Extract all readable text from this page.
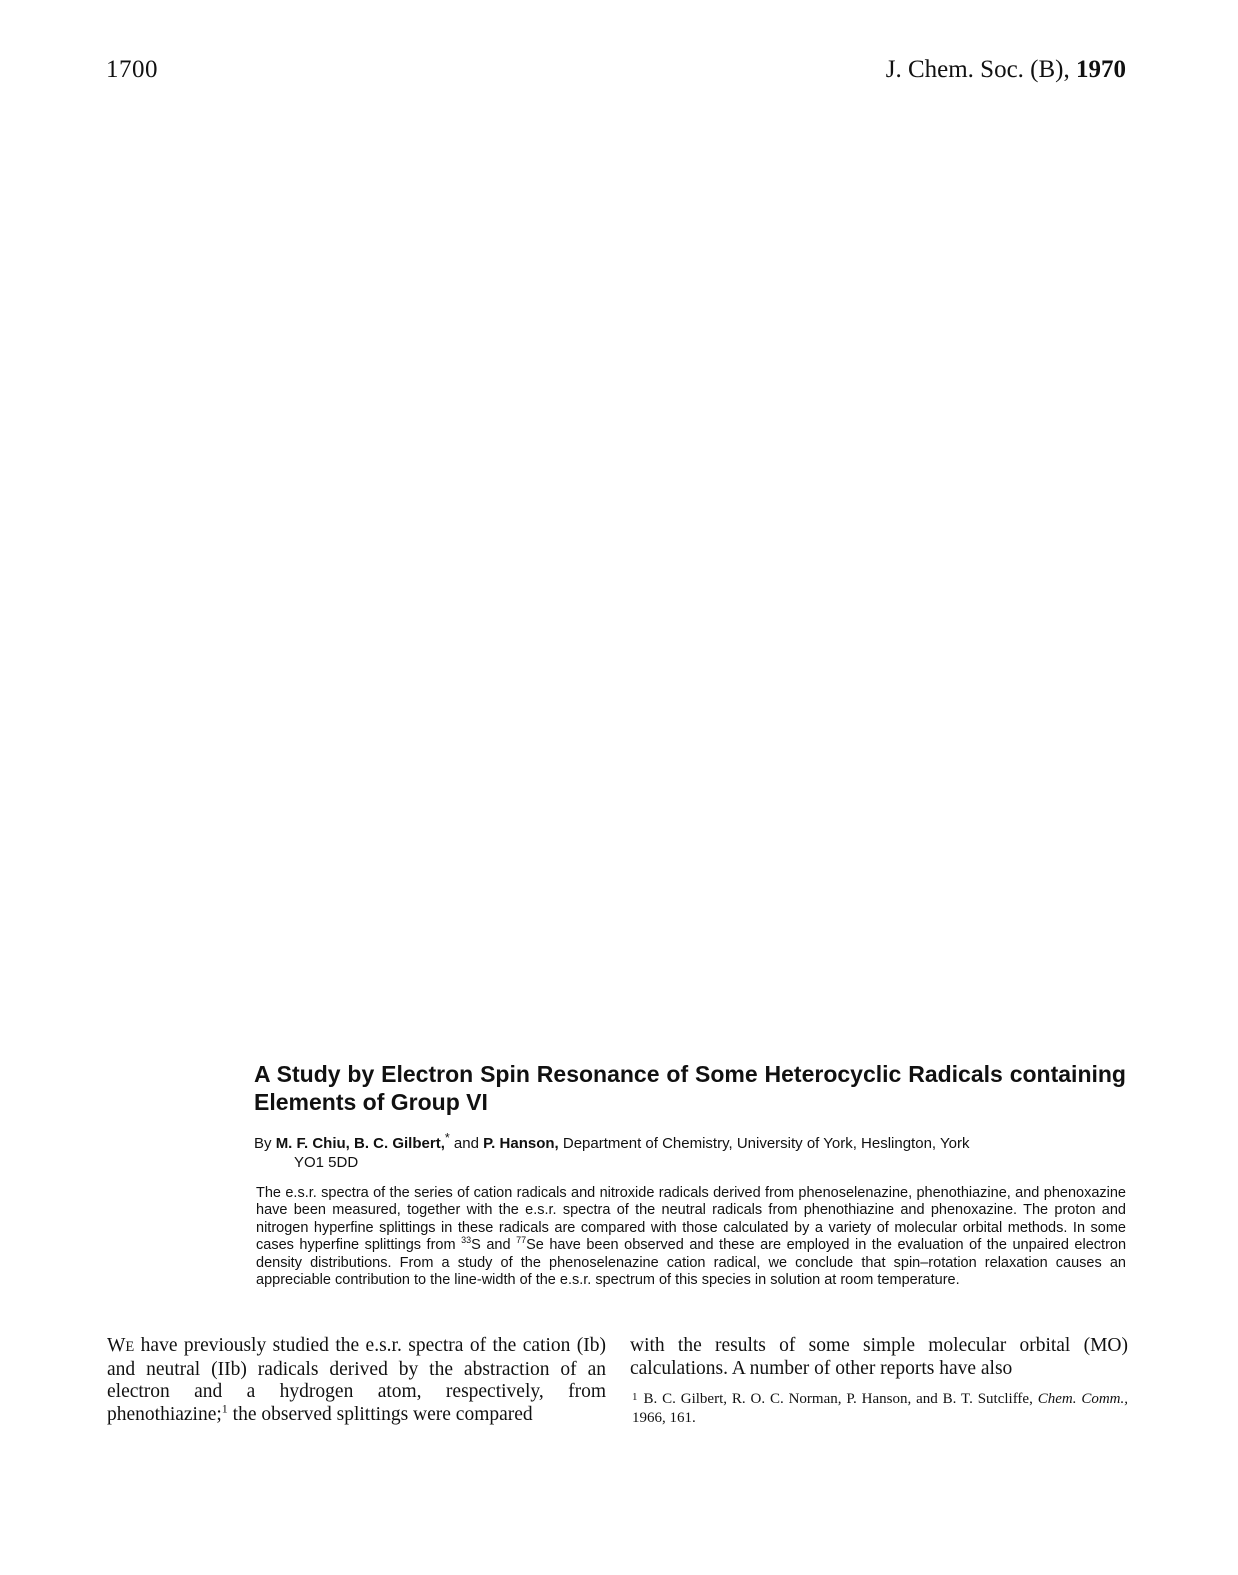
1700	J. Chem. Soc. (B), 1970
A Study by Electron Spin Resonance of Some Heterocyclic Radicals containing Elements of Group VI
By M. F. Chiu, B. C. Gilbert,* and P. Hanson, Department of Chemistry, University of York, Heslington, York
YO1 5DD

The e.s.r. spectra of the series of cation radicals and nitroxide radicals derived from phenoselenazine, phenothiazine, and phenoxazine have been measured, together with the e.s.r. spectra of the neutral radicals from phenothiazine and phenoxazine. The proton and nitrogen hyperfine splittings in these radicals are compared with those calculated by a variety of molecular orbital methods. In some cases hyperfine splittings from $^{33}$S and $^{77}$Se have been observed and these are employed in the evaluation of the unpaired electron density distributions. From a study of the phenoselenazine cation radical, we conclude that spin–rotation relaxation causes an appreciable contribution to the line-width of the e.s.r. spectrum of this species in solution at room temperature.

WE have previously studied the e.s.r. spectra of the cation (Ib) and neutral (IIb) radicals derived by the abstraction of an electron and a hydrogen atom, respectively, from phenothiazine;$^1$ the observed splittings were compared
with the results of some simple molecular orbital (MO) calculations. A number of other reports have also
$^1$ B. C. Gilbert, R. O. C. Norman, P. Hanson, and B. T. Sutcliffe, Chem. Comm., 1966, 161.
